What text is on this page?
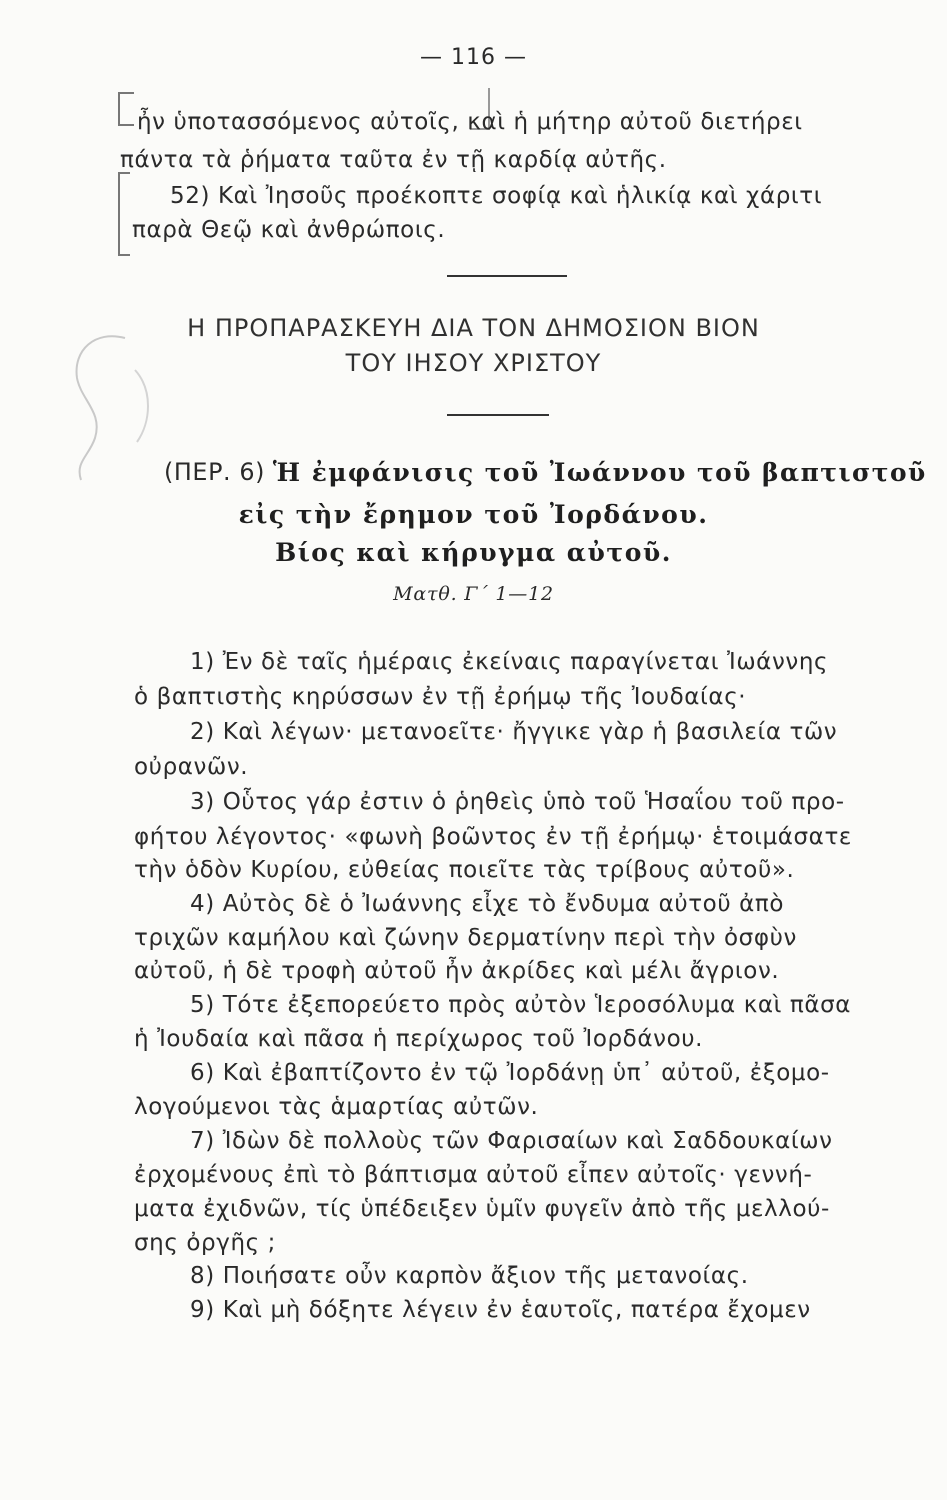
— 116 —
ἦν ὑποτασσόμενος αὐτοῖς, καὶ ἡ μήτηρ αὐτοῦ διετήρει
πάντα τὰ ῥήματα ταῦτα ἐν τῇ καρδίᾳ αὐτῆς.
52) Καὶ Ἰησοῦς προέκοπτε σοφίᾳ καὶ ἡλικίᾳ καὶ χάριτι
παρὰ Θεῷ καὶ ἀνθρώποις.
Η ΠΡΟΠΑΡΑΣΚΕΥΗ ΔΙΑ ΤΟΝ ΔΗΜΟΣΙΟΝ ΒΙΟΝ
ΤΟΥ ΙΗΣΟΥ ΧΡΙΣΤΟΥ
(ΠΕΡ. 6) Ἡ ἐμφάνισις τοῦ Ἰωάννου τοῦ βαπτιστοῦ
εἰς τὴν ἔρημον τοῦ Ἰορδάνου.
Βίος καὶ κήρυγμα αὐτοῦ.
Ματθ. Γ΄ 1—12
1) Ἐν δὲ ταῖς ἡμέραις ἐκείναις παραγίνεται Ἰωάννης
ὁ βαπτιστὴς κηρύσσων ἐν τῇ ἐρήμῳ τῆς Ἰουδαίας·
2) Καὶ λέγων· μετανοεῖτε· ἤγγικε γὰρ ἡ βασιλεία τῶν
οὐρανῶν.
3) Οὗτος γάρ ἐστιν ὁ ῥηθεὶς ὑπὸ τοῦ Ἡσαΐου τοῦ προ-
φήτου λέγοντος· «φωνὴ βοῶντος ἐν τῇ ἐρήμῳ· ἑτοιμάσατε
τὴν ὁδὸν Κυρίου, εὐθείας ποιεῖτε τὰς τρίβους αὐτοῦ».
4) Αὐτὸς δὲ ὁ Ἰωάννης εἶχε τὸ ἔνδυμα αὐτοῦ ἀπὸ
τριχῶν καμήλου καὶ ζώνην δερματίνην περὶ τὴν ὀσφὺν
αὐτοῦ, ἡ δὲ τροφὴ αὐτοῦ ἦν ἀκρίδες καὶ μέλι ἄγριον.
5) Τότε ἐξεπορεύετο πρὸς αὐτὸν Ἱεροσόλυμα καὶ πᾶσα
ἡ Ἰουδαία καὶ πᾶσα ἡ περίχωρος τοῦ Ἰορδάνου.
6) Καὶ ἐβαπτίζοντο ἐν τῷ Ἰορδάνῃ ὑπ᾿ αὐτοῦ, ἐξομο-
λογούμενοι τὰς ἁμαρτίας αὐτῶν.
7) Ἰδὼν δὲ πολλοὺς τῶν Φαρισαίων καὶ Σαδδουκαίων
ἐρχομένους ἐπὶ τὸ βάπτισμα αὐτοῦ εἶπεν αὐτοῖς· γεννή-
ματα ἐχιδνῶν, τίς ὑπέδειξεν ὑμῖν φυγεῖν ἀπὸ τῆς μελλού-
σης ὀργῆς ;
8) Ποιήσατε οὖν καρπὸν ἄξιον τῆς μετανοίας.
9) Καὶ μὴ δόξητε λέγειν ἐν ἑαυτοῖς, πατέρα ἔχομεν
